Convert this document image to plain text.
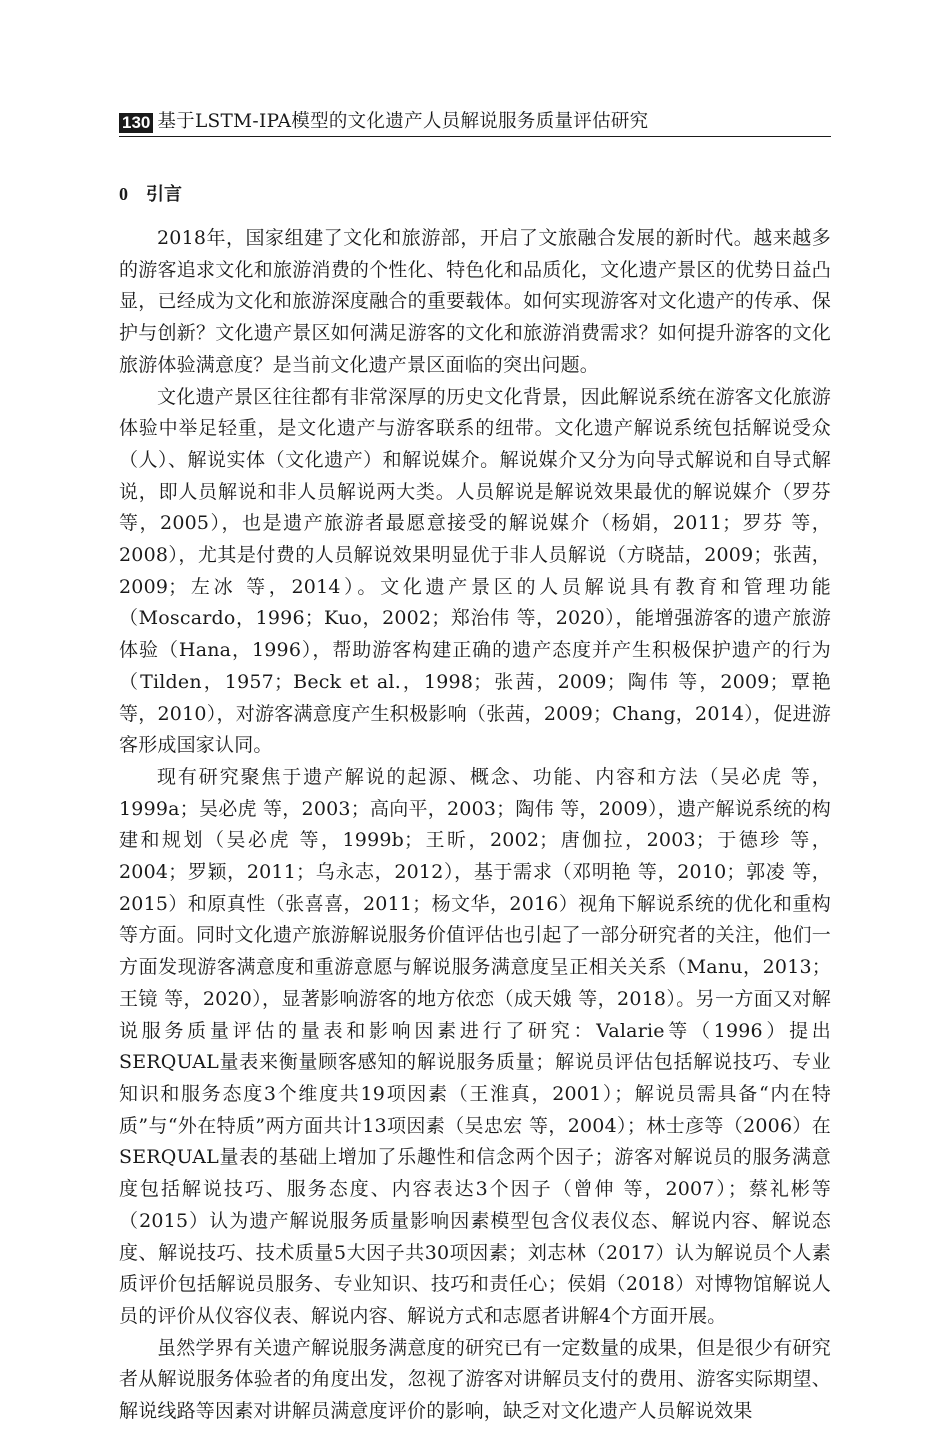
130 基于LSTM-IPA模型的文化遗产人员解说服务质量评估研究
0 引言

2018年，国家组建了文化和旅游部，开启了文旅融合发展的新时代。越来越多的游客追求文化和旅游消费的个性化、特色化和品质化，文化遗产景区的优势日益凸显，已经成为文化和旅游深度融合的重要载体。如何实现游客对文化遗产的传承、保护与创新？文化遗产景区如何满足游客的文化和旅游消费需求？如何提升游客的文化旅游体验满意度？是当前文化遗产景区面临的突出问题。

文化遗产景区往往都有非常深厚的历史文化背景，因此解说系统在游客文化旅游体验中举足轻重，是文化遗产与游客联系的纽带。文化遗产解说系统包括解说受众（人）、解说实体（文化遗产）和解说媒介。解说媒介又分为向导式解说和自导式解说，即人员解说和非人员解说两大类。人员解说是解说效果最优的解说媒介（罗芬 等，2005），也是遗产旅游者最愿意接受的解说媒介（杨娟，2011；罗芬 等，2008），尤其是付费的人员解说效果明显优于非人员解说（方晓喆，2009；张茜，2009；左冰 等，2014）。文化遗产景区的人员解说具有教育和管理功能（Moscardo，1996；Kuo，2002；郑治伟 等，2020），能增强游客的遗产旅游体验（Hana，1996），帮助游客构建正确的遗产态度并产生积极保护遗产的行为（Tilden，1957；Beck et al.，1998；张茜，2009；陶伟 等，2009；覃艳 等，2010），对游客满意度产生积极影响（张茜，2009；Chang，2014），促进游客形成国家认同。

现有研究聚焦于遗产解说的起源、概念、功能、内容和方法（吴必虎 等，1999a；吴必虎 等，2003；高向平，2003；陶伟 等，2009），遗产解说系统的构建和规划（吴必虎 等，1999b；王昕，2002；唐伽拉，2003；于德珍 等，2004；罗颖，2011；乌永志，2012），基于需求（邓明艳 等，2010；郭凌 等，2015）和原真性（张喜喜，2011；杨文华，2016）视角下解说系统的优化和重构等方面。同时文化遗产旅游解说服务价值评估也引起了一部分研究者的关注，他们一方面发现游客满意度和重游意愿与解说服务满意度呈正相关关系（Manu，2013；王镜 等，2020），显著影响游客的地方依恋（成天娥 等，2018）。另一方面又对解说服务质量评估的量表和影响因素进行了研究：Valarie等（1996）提出 SERQUAL量表来衡量顾客感知的解说服务质量；解说员评估包括解说技巧、专业知识和服务态度3个维度共19项因素（王淮真，2001）；解说员需具备“内在特质”与“外在特质”两方面共计13项因素（吴忠宏 等，2004）；林士彦等（2006）在SERQUAL量表的基础上增加了乐趣性和信念两个因子；游客对解说员的服务满意度包括解说技巧、服务态度、内容表达3个因子（曾伸 等，2007）；蔡礼彬等（2015）认为遗产解说服务质量影响因素模型包含仪表仪态、解说内容、解说态度、解说技巧、技术质量5大因子共30项因素；刘志林（2017）认为解说员个人素质评价包括解说员服务、专业知识、技巧和责任心；侯娟（2018）对博物馆解说人员的评价从仪容仪表、解说内容、解说方式和志愿者讲解4个方面开展。

虽然学界有关遗产解说服务满意度的研究已有一定数量的成果，但是很少有研究者从解说服务体验者的角度出发，忽视了游客对讲解员支付的费用、游客实际期望、解说线路等因素对讲解员满意度评价的影响，缺乏对文化遗产人员解说效果
